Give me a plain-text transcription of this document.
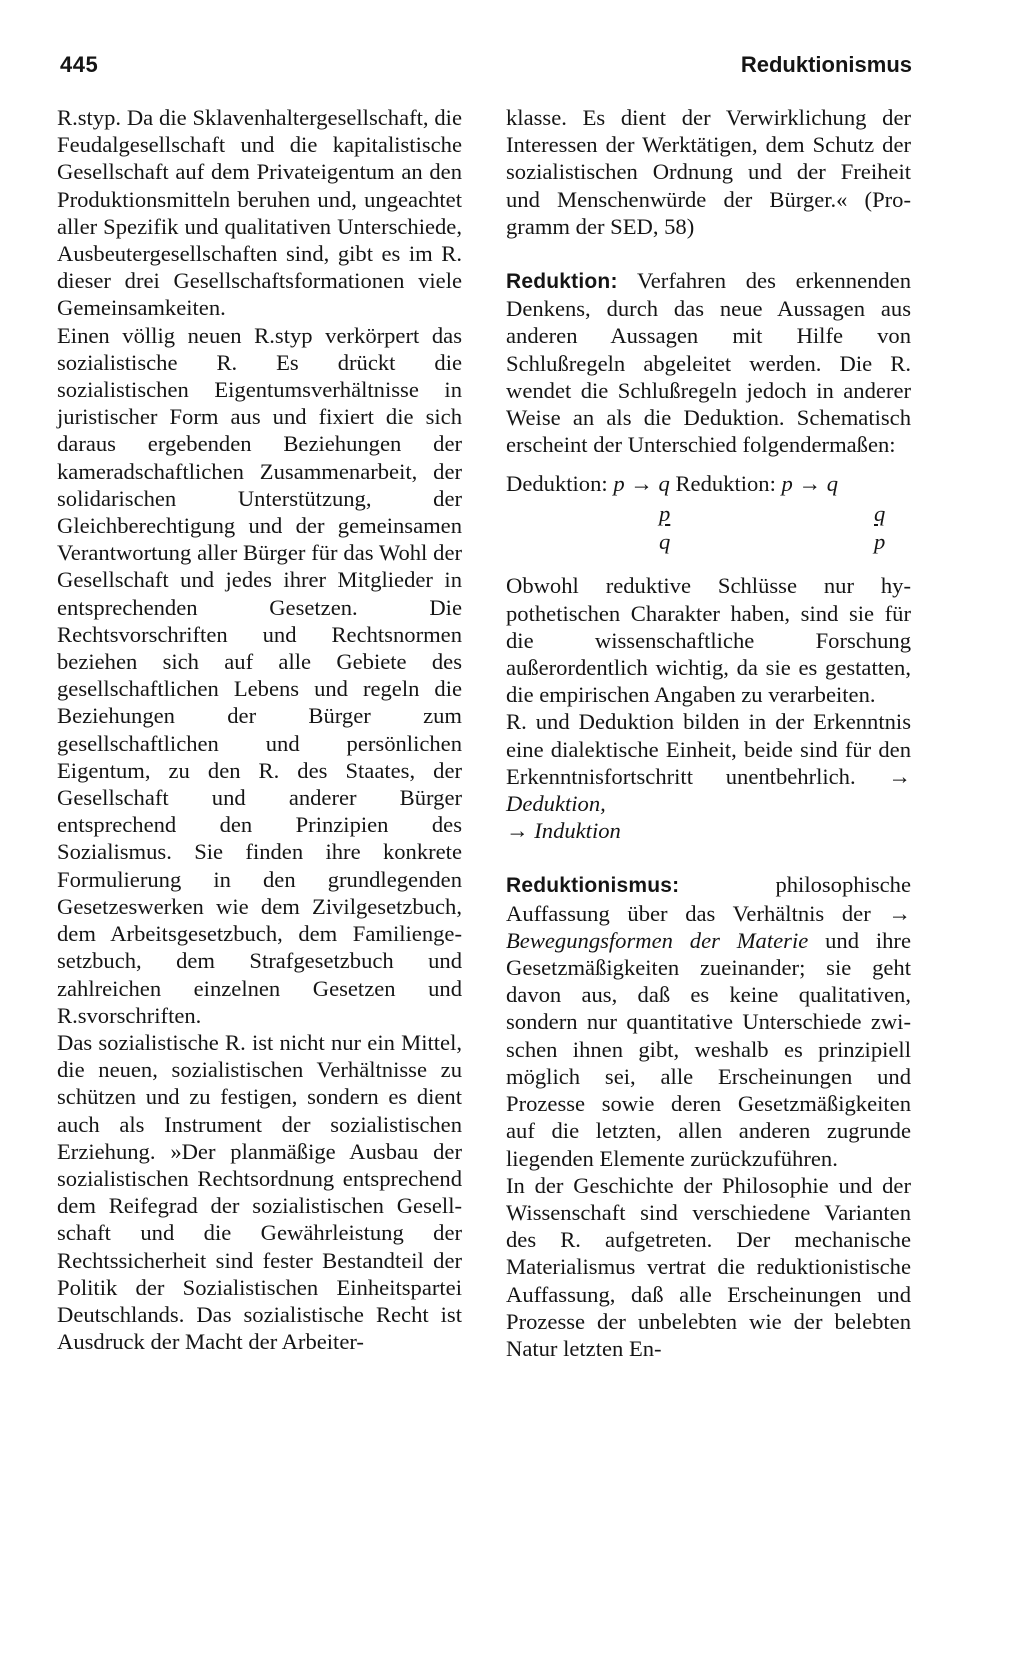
445	Reduktionismus

R.styp. Da die Sklavenhaltergesellschaft, die Feudalgesellschaft und die kapitalistische Gesellschaft auf dem Privateigentum an den Produktionsmitteln beruhen und, ungeachtet aller Spezifik und qualitativen Unterschiede, Ausbeutergesellschaften sind, gibt es im R. dieser drei Gesellschaftsformationen viele Gemeinsamkeiten.

Einen völlig neuen R.styp verkörpert das sozialistische R. Es drückt die sozialistischen Eigentumsverhältnisse in juristischer Form aus und fixiert die sich daraus ergebenden Beziehungen der kameradschaftlichen Zusammenarbeit, der solidarischen Unterstützung, der Gleichberechtigung und der gemeinsamen Verantwortung aller Bürger für das Wohl der Gesellschaft und jedes ihrer Mitglieder in entsprechenden Gesetzen. Die Rechtsvorschriften und Rechtsnormen beziehen sich auf alle Gebiete des gesellschaftlichen Lebens und regeln die Beziehungen der Bürger zum gesellschaftlichen und persönlichen Eigentum, zu den R. des Staates, der Gesellschaft und anderer Bürger entsprechend den Prinzipien des Sozialismus. Sie finden ihre konkrete Formulierung in den grundlegenden Gesetzeswerken wie dem Zivilgesetzbuch, dem Arbeitsgesetzbuch, dem Familiengesetzbuch, dem Strafgesetzbuch und zahlreichen einzelnen Gesetzen und R.svorschriften.

Das sozialistische R. ist nicht nur ein Mittel, die neuen, sozialistischen Verhältnisse zu schützen und zu festigen, sondern es dient auch als Instrument der sozialistischen Erziehung. »Der planmäßige Ausbau der sozialistischen Rechtsordnung entsprechend dem Reifegrad der sozialistischen Gesellschaft und die Gewährleistung der Rechtssicherheit sind fester Bestandteil der Politik der Sozialistischen Einheitspartei Deutschlands. Das sozialistische Recht ist Ausdruck der Macht der Arbeiter-

klasse. Es dient der Verwirklichung der Interessen der Werktätigen, dem Schutz der sozialistischen Ordnung und der Freiheit und Menschenwürde der Bürger.« (Programm der SED, 58)

Reduktion: Verfahren des erkennenden Denkens, durch das neue Aussagen aus anderen Aussagen mit Hilfe von Schlußregeln abgeleitet werden. Die R. wendet die Schlußregeln jedoch in anderer Weise an als die Deduktion. Schematisch erscheint der Unterschied folgendermaßen:

Deduktion: p → q Reduktion: p → q
p
q
q
p

Obwohl reduktive Schlüsse nur hypothetischen Charakter haben, sind sie für die wissenschaftliche Forschung außerordentlich wichtig, da sie es gestatten, die empirischen Angaben zu verarbeiten.

R. und Deduktion bilden in der Erkenntnis eine dialektische Einheit, beide sind für den Erkenntnisfortschritt unentbehrlich. → Deduktion,
→ Induktion

Reduktionismus: philosophische Auffassung über das Verhältnis der → Bewegungsformen der Materie und ihre Gesetzmäßigkeiten zueinander; sie geht davon aus, daß es keine qualitativen, sondern nur quantitative Unterschiede zwischen ihnen gibt, weshalb es prinzipiell möglich sei, alle Erscheinungen und Prozesse sowie deren Gesetzmäßigkeiten auf die letzten, allen anderen zugrunde liegenden Elemente zurückzuführen.

In der Geschichte der Philosophie und der Wissenschaft sind verschiedene Varianten des R. aufgetreten. Der mechanische Materialismus vertrat die reduktionistische Auffassung, daß alle Erscheinungen und Prozesse der unbelebten wie der belebten Natur letzten En-
